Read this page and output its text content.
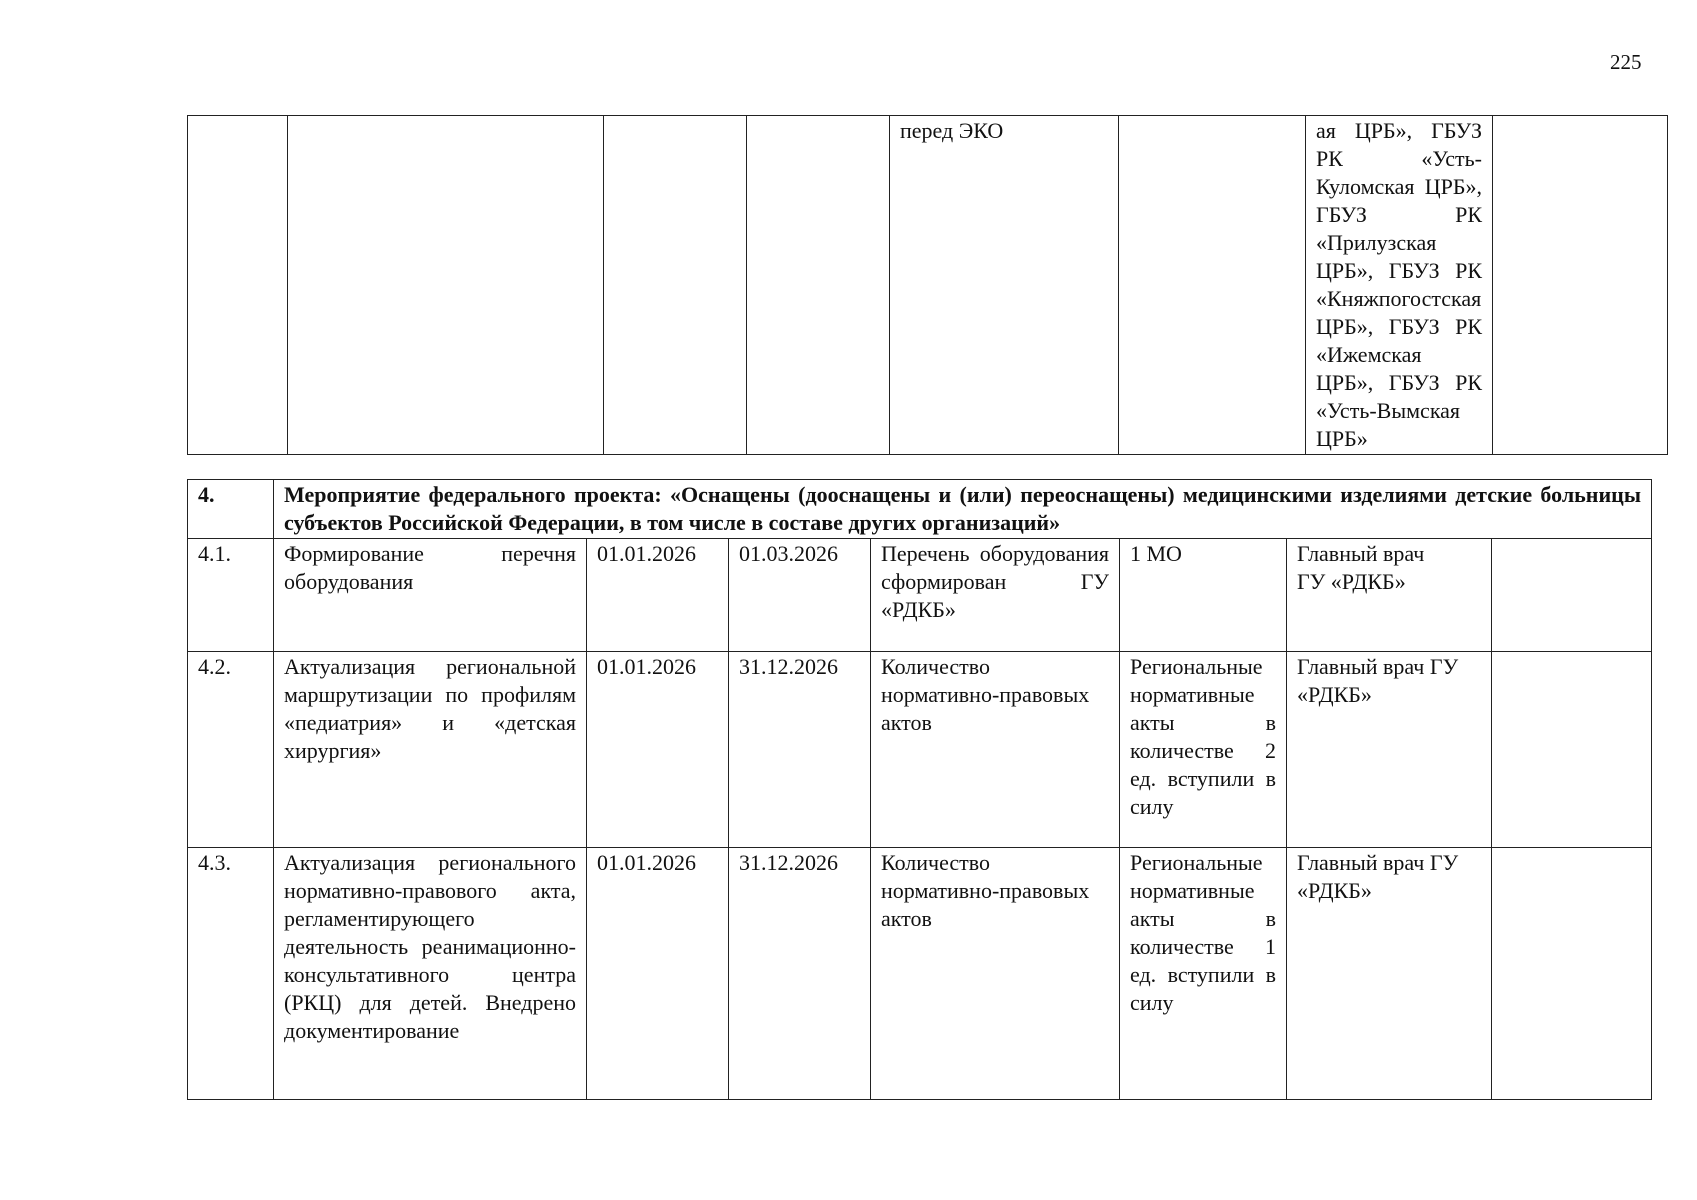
225
				перед ЭКО		ая ЦРБ», ГБУЗ РК «Усть-Куломская ЦРБ», ГБУЗ РК «Прилузская ЦРБ», ГБУЗ РК «Княжпогостская ЦРБ», ГБУЗ РК «Ижемская ЦРБ», ГБУЗ РК «Усть-Вымская ЦРБ»	
4.	Мероприятие федерального проекта: «Оснащены (дооснащены и (или) переоснащены) медицинскими изделиями детские больницы субъектов Российской Федерации, в том числе в составе других организаций»						
4.1.	Формирование перечня оборудования	01.01.2026	01.03.2026	Перечень оборудования сформирован ГУ «РДКБ»	1 МО	Главный врач
ГУ «РДКБ»	
4.2.	Актуализация региональной маршрутизации по профилям «педиатрия» и «детская хирургия»	01.01.2026	31.12.2026	Количество нормативно-правовых актов	Региональные нормативные акты в количестве 2 ед. вступили в силу	Главный врач ГУ «РДКБ»	
4.3.	Актуализация регионального нормативно-правового акта, регламентирующего деятельность реанимационно-консультативного центра (РКЦ) для детей. Внедрено документирование	01.01.2026	31.12.2026	Количество нормативно-правовых актов	Региональные нормативные акты в количестве 1 ед. вступили в силу	Главный врач ГУ «РДКБ»	
